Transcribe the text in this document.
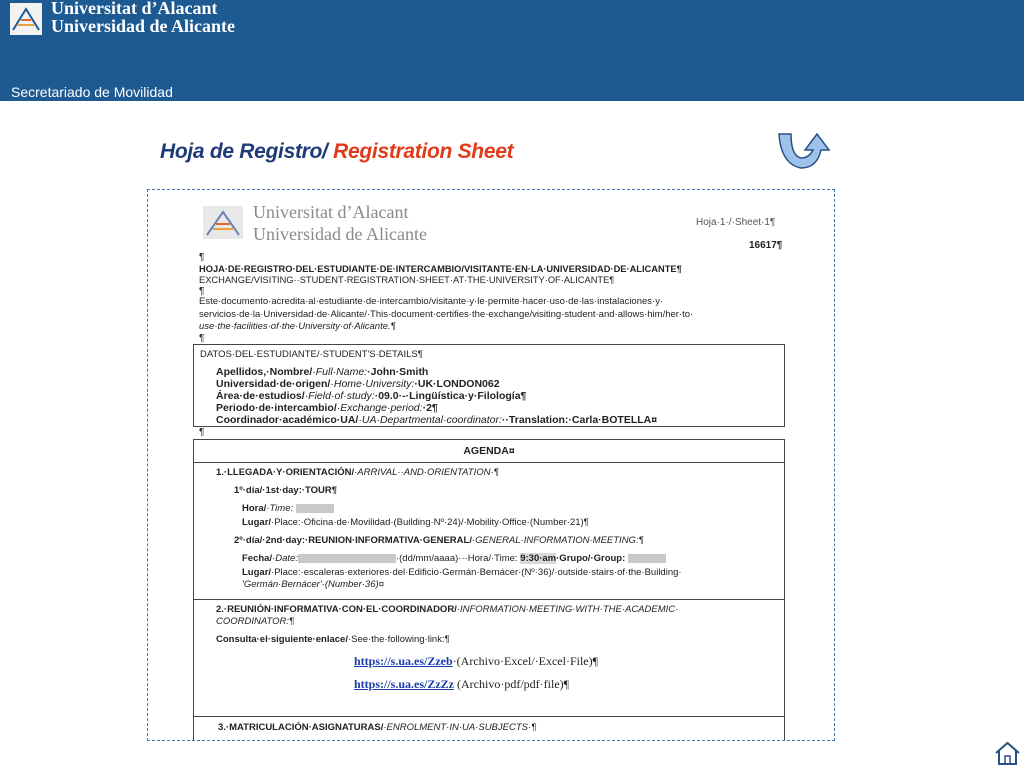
Universitat d’Alacant
Universidad de Alicante
Secretariado de Movilidad
Hoja de Registro/ Registration Sheet
Universitat d’Alacant
Universidad de Alicante
Hoja·1·/·Sheet·1¶
16617¶
¶
HOJA·DE·REGISTRO·DEL·ESTUDIANTE·DE·INTERCAMBIO/VISITANTE·EN·LA·UNIVERSIDAD·DE·ALICANTE¶
EXCHANGE/VISITING··STUDENT·REGISTRATION·SHEET·AT·THE·UNIVERSITY·OF·ALICANTE¶
¶
Este·documento·acredita·al·estudiante·de·intercambio/visitante·y·le·permite·hacer·uso·de·las·instalaciones·y·
servicios·de·la·Universidad·de·Alicante/·This·document·certifies·the·exchange/visiting·student·and·allows·him/her·to·
use·the·facilities·of·the·University·of·Alicante.¶
¶
DATOS·DEL·ESTUDIANTE/·STUDENT'S·DETAILS¶
Apellidos,·Nombre/·Full·Name:·John·Smith
Universidad·de·origen/·Home·University:·UK·LONDON062
Área·de·estudios/·Field·of·study:·09.0·-·Lingüística·y·Filología¶
Periodo·de·intercambio/·Exchange·period:·2¶
Coordinador·académico·UA/·UA·Departmental·coordinator:··Translation:·Carla·BOTELLA¤
¶
AGENDA¤
1.·LLEGADA·Y·ORIENTACIÓN/·ARRIVAL··AND·ORIENTATION·¶
1º·día/·1st·day:·TOUR¶
Hora/·Time:
Lugar/·Place:·Oficina·de·Movilidad·(Building·Nº·24)/·Mobility·Office·(Number·21)¶
2º·día/·2nd·day:·REUNION·INFORMATIVA·GENERAL/·GENERAL·INFORMATION·MEETING:¶
Fecha/·Date:	·(dd/mm/aaaa)···Hora/·Time: 9:30·am·Grupo/·Group:
Lugar/·Place:·escaleras·exteriores·del·Edificio·Germán·Bernácer·(Nº·36)/·outside·stairs·of·the·Building·
'Germán·Bernácer'·(Number·36)¤
2.·REUNIÓN·INFORMATIVA·CON·EL·COORDINADOR/·INFORMATION·MEETING·WITH·THE·ACADEMIC·
COORDINATOR:¶
Consulta·el·siguiente·enlace/·See·the·following·link:¶
https://s.ua.es/Zzeb·(Archivo·Excel/·Excel·File)¶
https://s.ua.es/ZzZz (Archivo·pdf/pdf·file)¶
3.·MATRICULACIÓN·ASIGNATURAS/·ENROLMENT·IN·UA·SUBJECTS·¶
